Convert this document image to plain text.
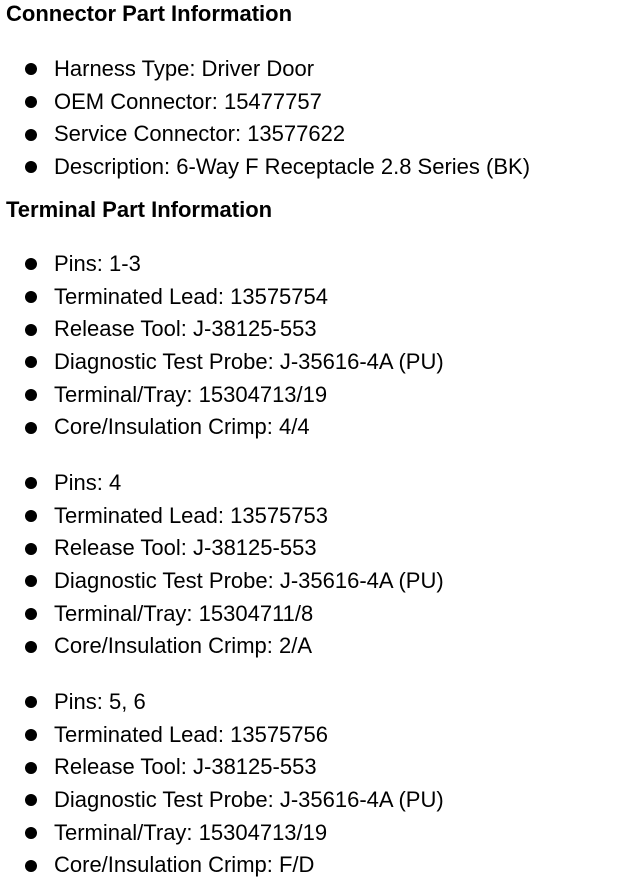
Connector Part Information
Harness Type: Driver Door
OEM Connector: 15477757
Service Connector: 13577622
Description: 6-Way F Receptacle 2.8 Series (BK)
Terminal Part Information
Pins: 1-3
Terminated Lead: 13575754
Release Tool: J-38125-553
Diagnostic Test Probe: J-35616-4A (PU)
Terminal/Tray: 15304713/19
Core/Insulation Crimp: 4/4
Pins: 4
Terminated Lead: 13575753
Release Tool: J-38125-553
Diagnostic Test Probe: J-35616-4A (PU)
Terminal/Tray: 15304711/8
Core/Insulation Crimp: 2/A
Pins: 5, 6
Terminated Lead: 13575756
Release Tool: J-38125-553
Diagnostic Test Probe: J-35616-4A (PU)
Terminal/Tray: 15304713/19
Core/Insulation Crimp: F/D
